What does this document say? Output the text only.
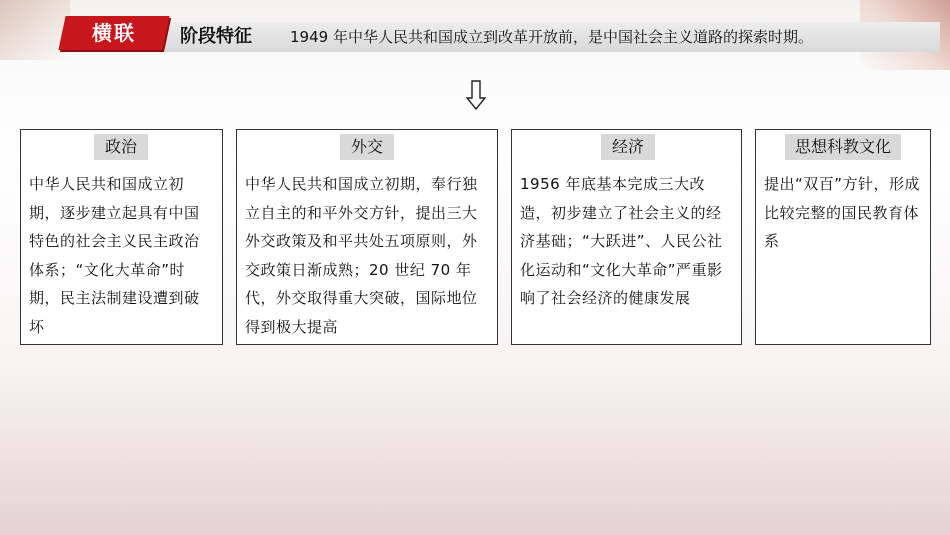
横联	阶段特征	1949 年中华人民共和国成立到改革开放前，是中国社会主义道路的探索时期。
政治
中华人民共和国成立初期，逐步建立起具有中国特色的社会主义民主政治体系；“文化大革命”时期，民主法制建设遭到破坏
外交
中华人民共和国成立初期，奉行独立自主的和平外交方针，提出三大外交政策及和平共处五项原则，外交政策日渐成熟；20 世纪 70 年代，外交取得重大突破，国际地位得到极大提高
经济
1956 年底基本完成三大改造，初步建立了社会主义的经济基础；“大跃进”、人民公社化运动和“文化大革命”严重影响了社会经济的健康发展
思想科教文化
提出“双百”方针，形成比较完整的国民教育体系
